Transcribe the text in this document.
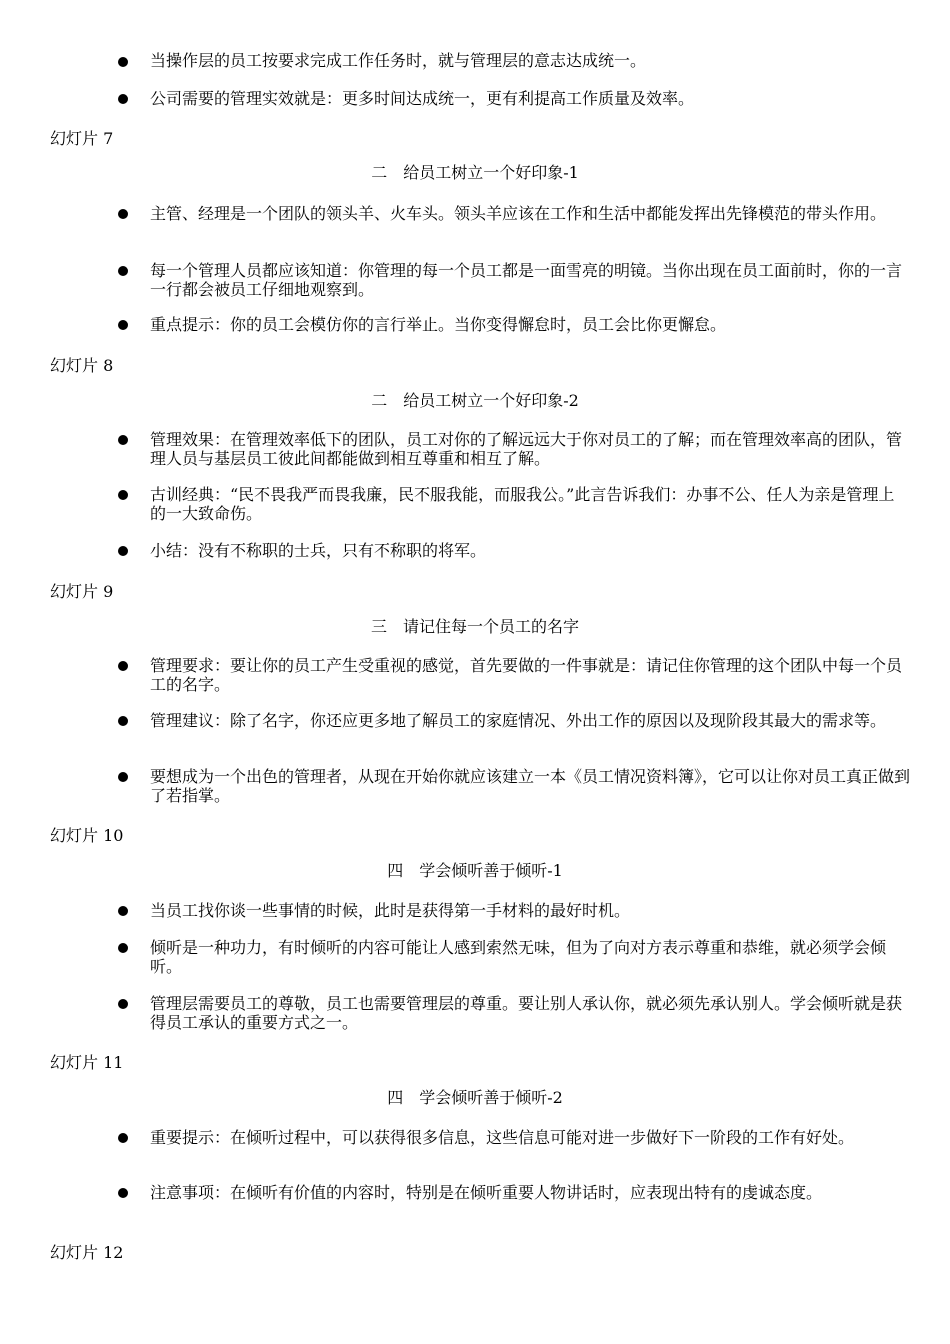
当操作层的员工按要求完成工作任务时，就与管理层的意志达成统一。
公司需要的管理实效就是：更多时间达成统一，更有利提高工作质量及效率。
幻灯片 7
二　给员工树立一个好印象-1
主管、经理是一个团队的领头羊、火车头。领头羊应该在工作和生活中都能发挥出先锋模范的带头作用。
每一个管理人员都应该知道：你管理的每一个员工都是一面雪亮的明镜。当你出现在员工面前时，你的一言一行都会被员工仔细地观察到。
重点提示：你的员工会模仿你的言行举止。当你变得懈怠时，员工会比你更懈怠。
幻灯片 8
二　给员工树立一个好印象-2
管理效果：在管理效率低下的团队，员工对你的了解远远大于你对员工的了解；而在管理效率高的团队，管理人员与基层员工彼此间都能做到相互尊重和相互了解。
古训经典：“民不畏我严而畏我廉，民不服我能，而服我公。”此言告诉我们：办事不公、任人为亲是管理上的一大致命伤。
小结：没有不称职的士兵，只有不称职的将军。
幻灯片 9
三　请记住每一个员工的名字
管理要求：要让你的员工产生受重视的感觉，首先要做的一件事就是：请记住你管理的这个团队中每一个员工的名字。
管理建议：除了名字，你还应更多地了解员工的家庭情况、外出工作的原因以及现阶段其最大的需求等。
要想成为一个出色的管理者，从现在开始你就应该建立一本《员工情况资料簿》，它可以让你对员工真正做到了若指掌。
幻灯片 10
四　学会倾听善于倾听-1
当员工找你谈一些事情的时候，此时是获得第一手材料的最好时机。
倾听是一种功力，有时倾听的内容可能让人感到索然无味，但为了向对方表示尊重和恭维，就必须学会倾听。
管理层需要员工的尊敬，员工也需要管理层的尊重。要让别人承认你，就必须先承认别人。学会倾听就是获得员工承认的重要方式之一。
幻灯片 11
四　学会倾听善于倾听-2
重要提示：在倾听过程中，可以获得很多信息，这些信息可能对进一步做好下一阶段的工作有好处。
注意事项：在倾听有价值的内容时，特别是在倾听重要人物讲话时，应表现出特有的虔诚态度。
幻灯片 12
